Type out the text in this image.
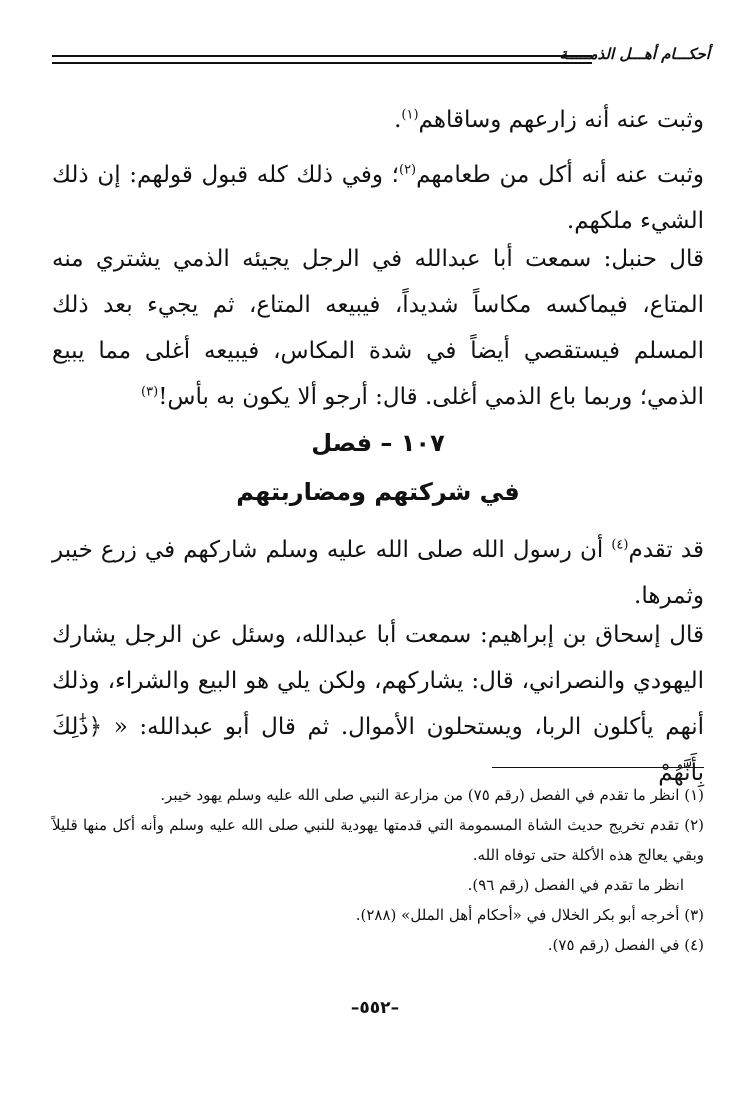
أحكـــام أهـــل الذمـــــة
وثبت عنه أنه زارعهم وساقاهم$^{(١)}$.
وثبت عنه أنه أكل من طعامهم$^{(٢)}$؛ وفي ذلك كله قبول قولهم: إن ذلك الشيء ملكهم.
قال حنبل: سمعت أبا عبدالله في الرجل يجيئه الذمي يشتري منه المتاع، فيماكسه مكاساً شديداً، فيبيعه المتاع، ثم يجيء بعد ذلك المسلم فيستقصي أيضاً في شدة المكاس، فيبيعه أغلى مما يبيع الذمي؛ وربما باع الذمي أغلى. قال: أرجو ألا يكون به بأس!$^{(٣)}$
١٠٧ – فصل
في شركتهم ومضاربتهم
قد تقدم$^{(٤)}$ أن رسول الله صلى الله عليه وسلم شاركهم في زرع خيبر وثمرها.
قال إسحاق بن إبراهيم: سمعت أبا عبدالله، وسئل عن الرجل يشارك اليهودي والنصراني، قال: يشاركهم، ولكن يلي هو البيع والشراء، وذلك أنهم يأكلون الربا، ويستحلون الأموال. ثم قال أبو عبدالله: « ﴿ذَٰلِكَ بِأَنَّهُمْ

(١) انظر ما تقدم في الفصل (رقم ٧٥) من مزارعة النبي صلى الله عليه وسلم يهود خيبر.

(٢) تقدم تخريج حديث الشاة المسمومة التي قدمتها يهودية للنبي صلى الله عليه وسلم وأنه أكل منها قليلاً وبقي يعالج هذه الأكلة حتى توفاه الله.

انظر ما تقدم في الفصل (رقم ٩٦).

(٣) أخرجه أبو بكر الخلال في «أحكام أهل الملل» (٢٨٨).

(٤) في الفصل (رقم ٧٥).

–٥٥٢–
